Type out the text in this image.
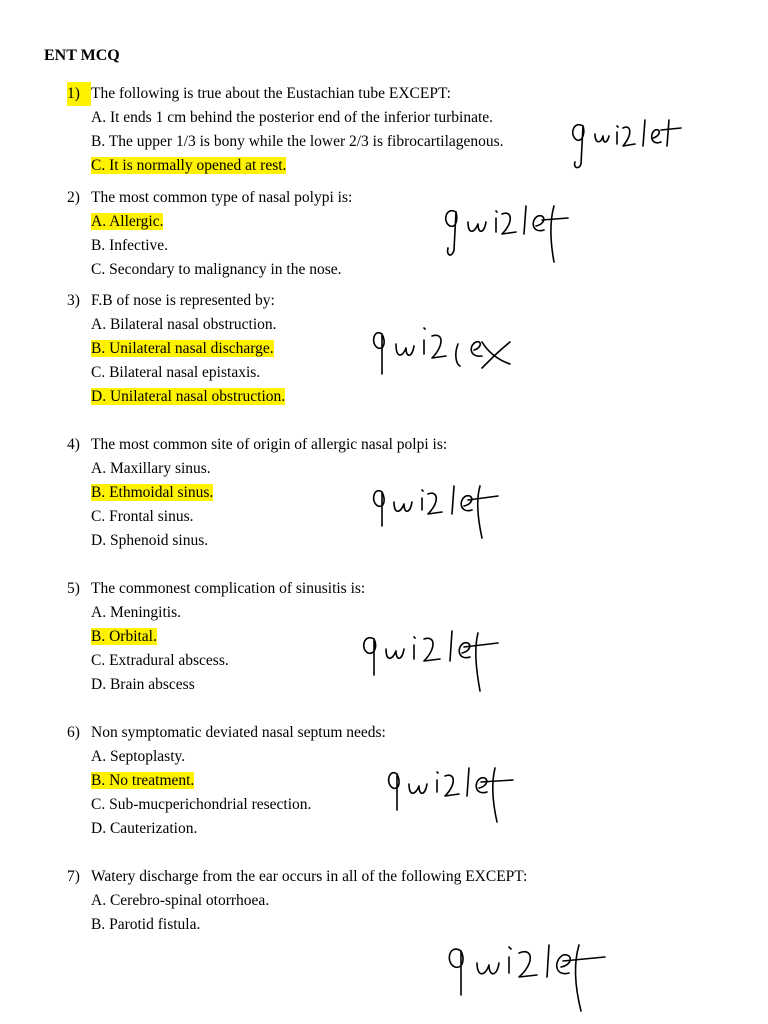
ENT MCQ
1) The following is true about the Eustachian tube EXCEPT:
A. It ends 1 cm behind the posterior end of the inferior turbinate.
B. The upper 1/3 is bony while the lower 2/3 is fibrocartilagenous.
C. It is normally opened at rest.
2) The most common type of nasal polypi is:
A. Allergic.
B. Infective.
C. Secondary to malignancy in the nose.
3) F.B of nose is represented by:
A. Bilateral nasal obstruction.
B. Unilateral nasal discharge.
C. Bilateral nasal epistaxis.
D. Unilateral nasal obstruction.
4) The most common site of origin of allergic nasal polpi is:
A. Maxillary sinus.
B. Ethmoidal sinus.
C. Frontal sinus.
D. Sphenoid sinus.
5) The commonest complication of sinusitis is:
A. Meningitis.
B. Orbital.
C. Extradural abscess.
D. Brain abscess
6) Non symptomatic deviated nasal septum needs:
A. Septoplasty.
B. No treatment.
C. Sub-mucperichondrial resection.
D. Cauterization.
7) Watery discharge from the ear occurs in all of the following EXCEPT:
A. Cerebro-spinal otorrhoea.
B. Parotid fistula.
